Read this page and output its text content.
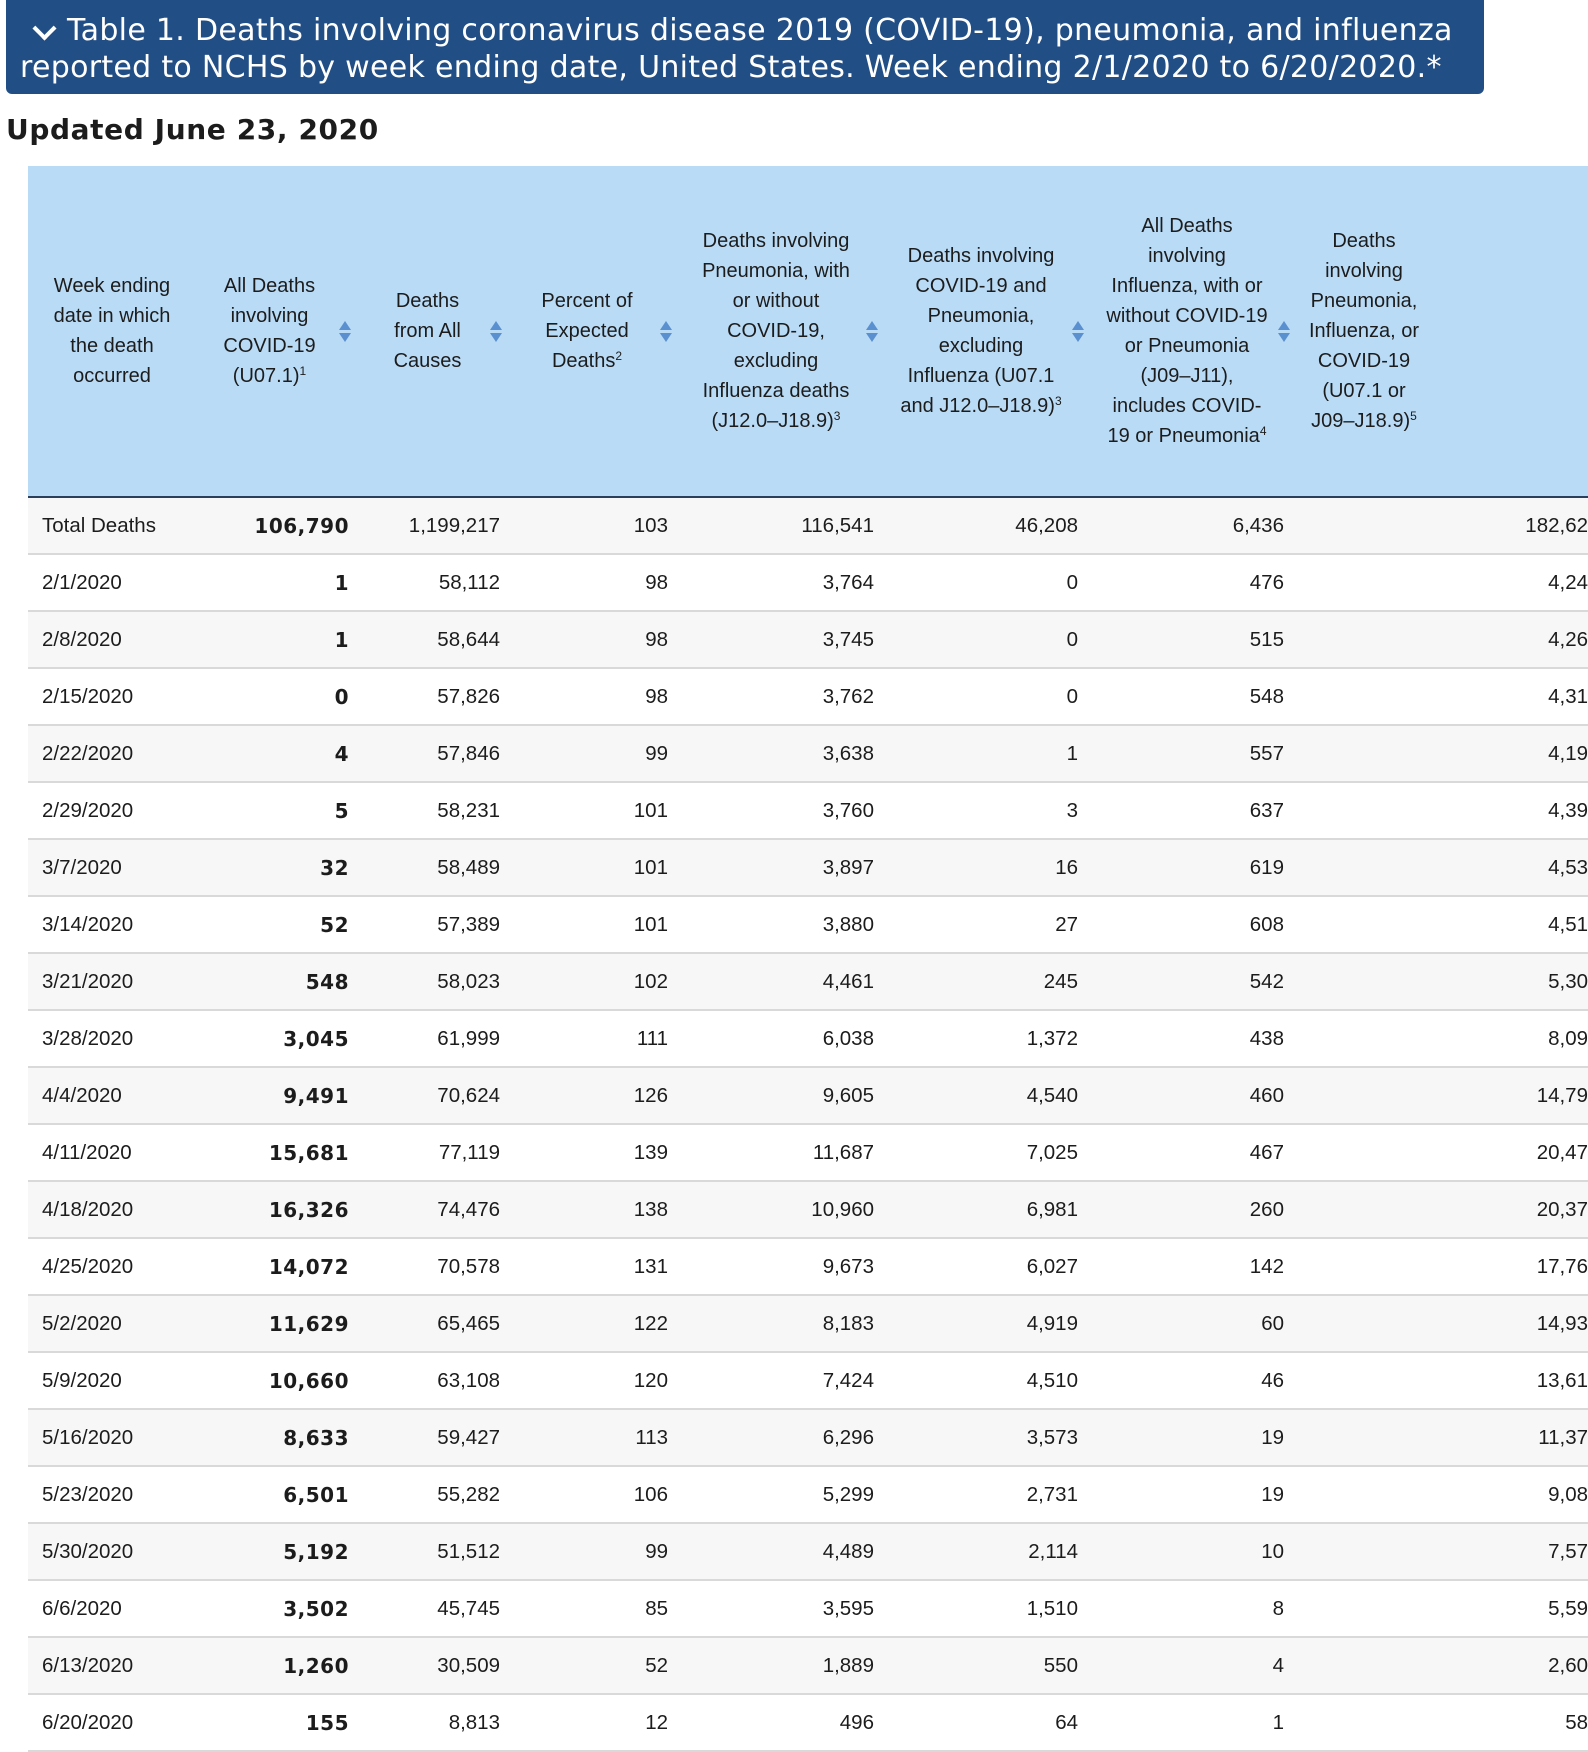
Table 1. Deaths involving coronavirus disease 2019 (COVID-19), pneumonia, and influenza reported to NCHS by week ending date, United States. Week ending 2/1/2020 to 6/20/2020.*
Updated June 23, 2020
Week ending date in which the death occurred	All Deaths involving COVID-19 $(U07.1)^1$	Deaths from All Causes	Percent of Expected Deaths$^2$	Deaths involving Pneumonia, with or without COVID-19, excluding Influenza deaths $(J12.0-J18.9)^3$	Deaths involving COVID-19 and Pneumonia, excluding Influenza (U07.1 and J12.0–J18.9)$^3$	All Deaths involving Influenza, with or without COVID-19 or Pneumonia (J09–J11), includes COVID-19 or Pneumonia$^4$	Deaths involving Pneumonia, Influenza, or COVID-19 (U07.1 or J09–J18.9)$^5$

Total Deaths	106,790	1,199,217	103	116,541	46,208	6,436	182,62
2/1/2020	1	58,112	98	3,764	0	476	4,24
2/8/2020	1	58,644	98	3,745	0	515	4,26
2/15/2020	0	57,826	98	3,762	0	548	4,31
2/22/2020	4	57,846	99	3,638	1	557	4,19
2/29/2020	5	58,231	101	3,760	3	637	4,39
3/7/2020	32	58,489	101	3,897	16	619	4,53
3/14/2020	52	57,389	101	3,880	27	608	4,51
3/21/2020	548	58,023	102	4,461	245	542	5,30
3/28/2020	3,045	61,999	111	6,038	1,372	438	8,09
4/4/2020	9,491	70,624	126	9,605	4,540	460	14,79
4/11/2020	15,681	77,119	139	11,687	7,025	467	20,47
4/18/2020	16,326	74,476	138	10,960	6,981	260	20,37
4/25/2020	14,072	70,578	131	9,673	6,027	142	17,76
5/2/2020	11,629	65,465	122	8,183	4,919	60	14,93
5/9/2020	10,660	63,108	120	7,424	4,510	46	13,61
5/16/2020	8,633	59,427	113	6,296	3,573	19	11,37
5/23/2020	6,501	55,282	106	5,299	2,731	19	9,08
5/30/2020	5,192	51,512	99	4,489	2,114	10	7,57
6/6/2020	3,502	45,745	85	3,595	1,510	8	5,59
6/13/2020	1,260	30,509	52	1,889	550	4	2,60
6/20/2020	155	8,813	12	496	64	1	58
